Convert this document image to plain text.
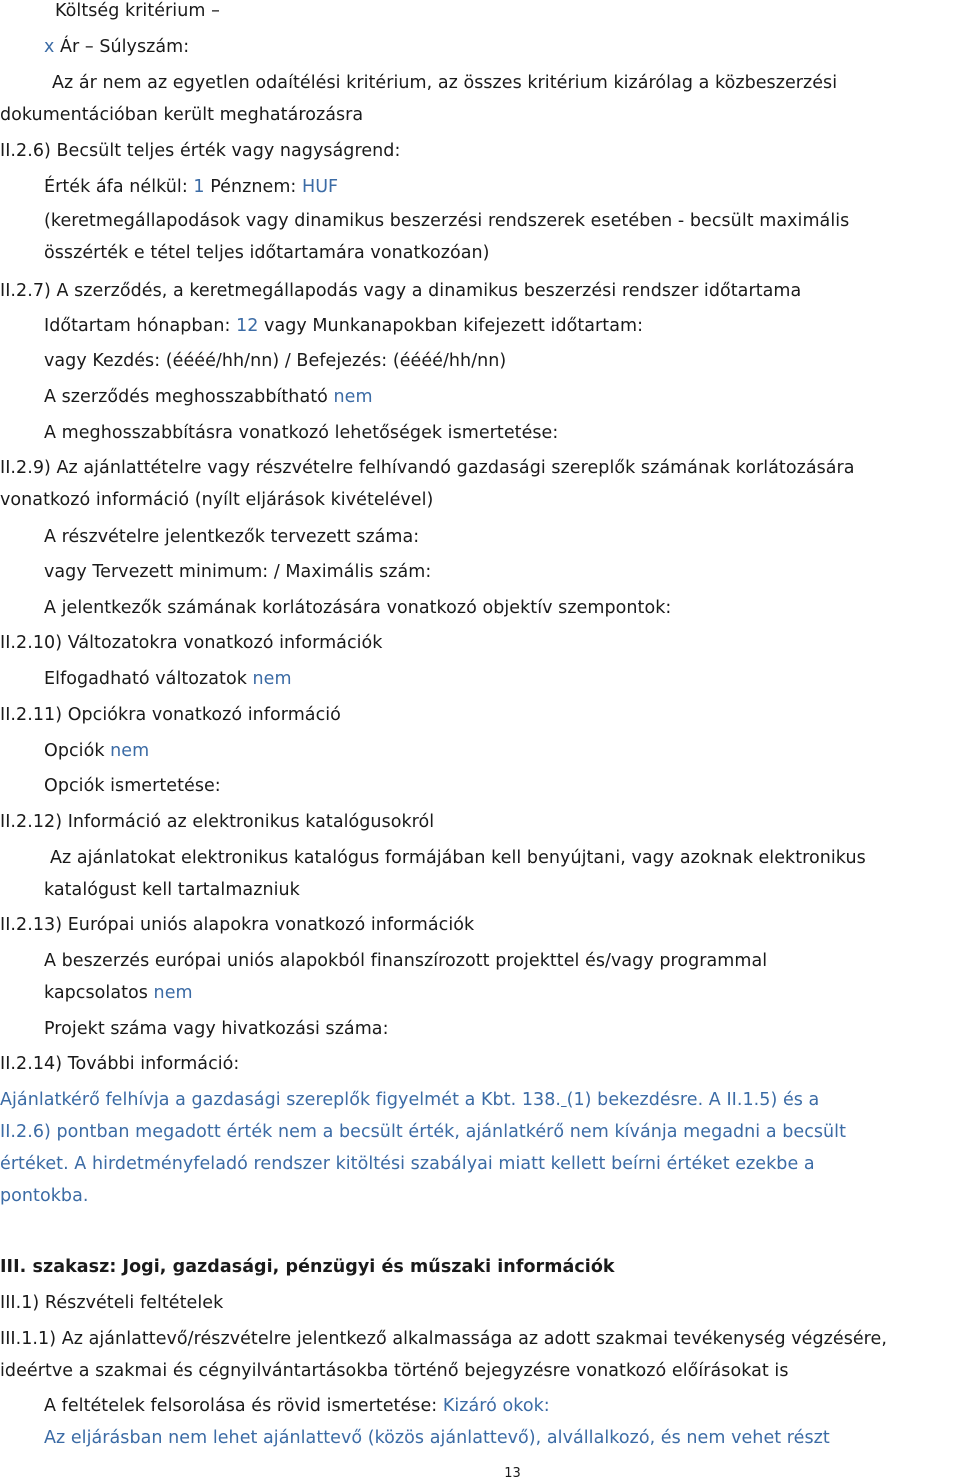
Költség kritérium –
x Ár – Súlyszám:
Az ár nem az egyetlen odaítélési kritérium, az összes kritérium kizárólag a közbeszerzési
dokumentációban került meghatározásra
II.2.6) Becsült teljes érték vagy nagyságrend:
Érték áfa nélkül: 1 Pénznem: HUF
(keretmegállapodások vagy dinamikus beszerzési rendszerek esetében - becsült maximális
összérték e tétel teljes időtartamára vonatkozóan)
II.2.7) A szerződés, a keretmegállapodás vagy a dinamikus beszerzési rendszer időtartama
Időtartam hónapban: 12 vagy Munkanapokban kifejezett időtartam:
vagy Kezdés: (éééé/hh/nn) / Befejezés: (éééé/hh/nn)
A szerződés meghosszabbítható nem
A meghosszabbításra vonatkozó lehetőségek ismertetése:
II.2.9) Az ajánlattételre vagy részvételre felhívandó gazdasági szereplők számának korlátozására
vonatkozó információ (nyílt eljárások kivételével)
A részvételre jelentkezők tervezett száma:
vagy Tervezett minimum: / Maximális szám:
A jelentkezők számának korlátozására vonatkozó objektív szempontok:
II.2.10) Változatokra vonatkozó információk
Elfogadható változatok nem
II.2.11) Opciókra vonatkozó információ
Opciók nem
Opciók ismertetése:
II.2.12) Információ az elektronikus katalógusokról
Az ajánlatokat elektronikus katalógus formájában kell benyújtani, vagy azoknak elektronikus
katalógust kell tartalmazniuk
II.2.13) Európai uniós alapokra vonatkozó információk
A beszerzés európai uniós alapokból finanszírozott projekttel és/vagy programmal
kapcsolatos nem
Projekt száma vagy hivatkozási száma:
II.2.14) További információ:
Ajánlatkérő felhívja a gazdasági szereplők figyelmét a Kbt. 138. (1) bekezdésre. A II.1.5) és a
II.2.6) pontban megadott érték nem a becsült érték, ajánlatkérő nem kívánja megadni a becsült
értéket. A hirdetményfeladó rendszer kitöltési szabályai miatt kellett beírni értéket ezekbe a
pontokba.
III. szakasz: Jogi, gazdasági, pénzügyi és műszaki információk
III.1) Részvételi feltételek
III.1.1) Az ajánlattevő/részvételre jelentkező alkalmassága az adott szakmai tevékenység végzésére,
ideértve a szakmai és cégnyilvántartásokba történő bejegyzésre vonatkozó előírásokat is
A feltételek felsorolása és rövid ismertetése: Kizáró okok:
Az eljárásban nem lehet ajánlattevő (közös ajánlattevő), alvállalkozó, és nem vehet részt
13
